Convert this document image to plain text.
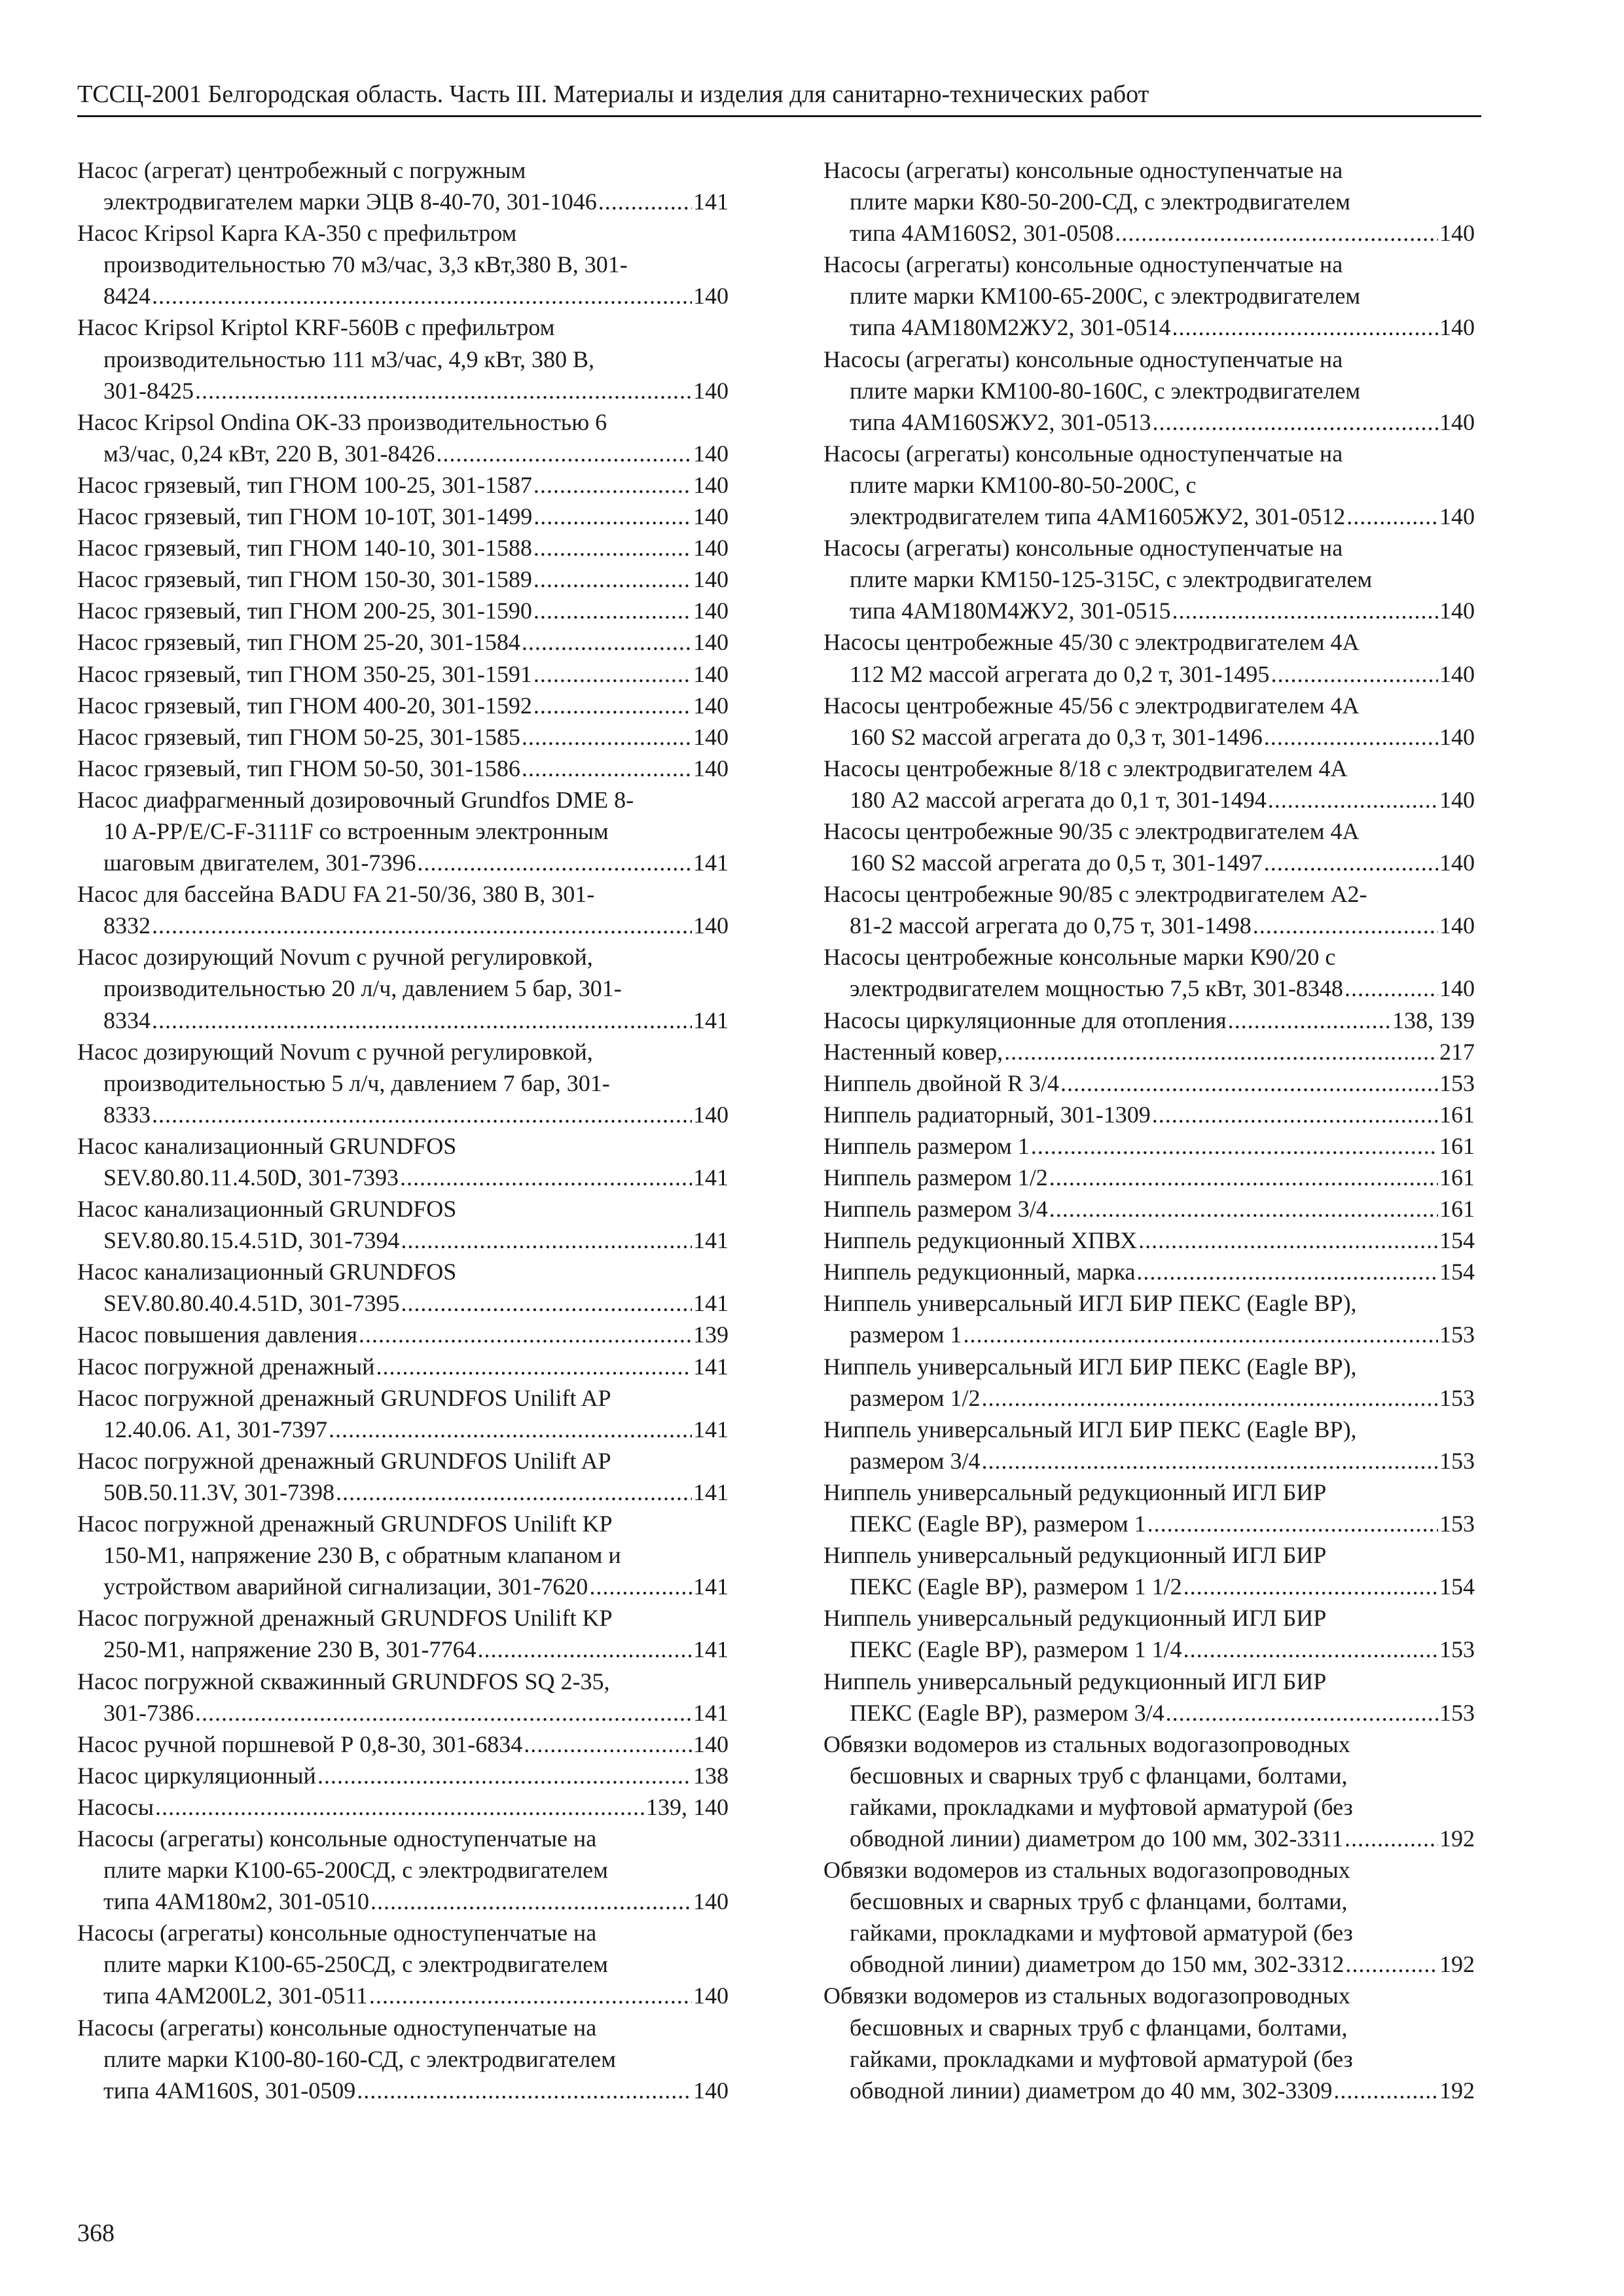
ТССЦ-2001 Белгородская область. Часть III. Материалы и изделия для санитарно-технических работ
Насос (агрегат) центробежный с погружным
электродвигателем марки ЭЦВ 8-40-70, 301-1046 . . .	141
Насос Kripsol Kapra KA-350 с префильтром
производительностью 70 м3/час, 3,3 кВт,380 В, 301-
8424 . . .	140
Насос Kripsol Kriptol KRF-560B с префильтром
производительностью 111 м3/час, 4,9 кВт, 380 В,
301-8425 . . .	140
Насос Kripsol Ondina OK-33 производительностью 6
м3/час, 0,24 кВт, 220 В, 301-8426 . . .	140
Насос грязевый, тип ГНОМ 100-25, 301-1587 . . .	140
Насос грязевый, тип ГНОМ 10-10Т, 301-1499 . . .	140
Насос грязевый, тип ГНОМ 140-10, 301-1588 . . .	140
Насос грязевый, тип ГНОМ 150-30, 301-1589 . . .	140
Насос грязевый, тип ГНОМ 200-25, 301-1590 . . .	140
Насос грязевый, тип ГНОМ 25-20, 301-1584 . . .	140
Насос грязевый, тип ГНОМ 350-25, 301-1591 . . .	140
Насос грязевый, тип ГНОМ 400-20, 301-1592 . . .	140
Насос грязевый, тип ГНОМ 50-25, 301-1585 . . .	140
Насос грязевый, тип ГНОМ 50-50, 301-1586 . . .	140
Насос диафрагменный дозировочный Grundfos DME 8-
10 A-PP/E/C-F-3111F со встроенным электронным
шаговым двигателем, 301-7396 . . .	141
Насос для бассейна BADU FA 21-50/36, 380 В, 301-
8332 . . .	140
Насос дозирующий Novum с ручной регулировкой,
производительностью 20 л/ч, давлением 5 бар, 301-
8334 . . .	141
Насос дозирующий Novum с ручной регулировкой,
производительностью 5 л/ч, давлением 7 бар, 301-
8333 . . .	140
Насос канализационный GRUNDFOS
SEV.80.80.11.4.50D, 301-7393 . . .	141
Насос канализационный GRUNDFOS
SEV.80.80.15.4.51D, 301-7394 . . .	141
Насос канализационный GRUNDFOS
SEV.80.80.40.4.51D, 301-7395 . . .	141
Насос повышения давления . . .	139
Насос погружной дренажный . . .	141
Насос погружной дренажный GRUNDFOS Unilift AP
12.40.06. A1, 301-7397 . . .	141
Насос погружной дренажный GRUNDFOS Unilift AP
50B.50.11.3V, 301-7398 . . .	141
Насос погружной дренажный GRUNDFOS Unilift KP
150-M1, напряжение 230 В, с обратным клапаном и
устройством аварийной сигнализации, 301-7620 . . .	141
Насос погружной дренажный GRUNDFOS Unilift KP
250-M1, напряжение 230 В, 301-7764 . . .	141
Насос погружной скважинный GRUNDFOS SQ 2-35,
301-7386 . . .	141
Насос ручной поршневой Р 0,8-30, 301-6834 . . .	140
Насос циркуляционный . . .	138
Насосы . . .	139, 140
Насосы (агрегаты) консольные одноступенчатые на
плите марки К100-65-200СД, с электродвигателем
типа 4АМ180м2, 301-0510 . . .	140
Насосы (агрегаты) консольные одноступенчатые на
плите марки К100-65-250СД, с электродвигателем
типа 4АМ200L2, 301-0511 . . .	140
Насосы (агрегаты) консольные одноступенчатые на
плите марки К100-80-160-СД, с электродвигателем
типа 4АМ160S, 301-0509 . . .	140
Насосы (агрегаты) консольные одноступенчатые на
плите марки К80-50-200-СД, с электродвигателем
типа 4АМ160S2, 301-0508 . . .	140
Насосы (агрегаты) консольные одноступенчатые на
плите марки КМ100-65-200С, с электродвигателем
типа 4АМ180М2ЖУ2, 301-0514 . . .	140
Насосы (агрегаты) консольные одноступенчатые на
плите марки КМ100-80-160С, с электродвигателем
типа 4АМ160SЖУ2, 301-0513 . . .	140
Насосы (агрегаты) консольные одноступенчатые на
плите марки КМ100-80-50-200С, с
электродвигателем типа 4АМ1605ЖУ2, 301-0512 . . .	140
Насосы (агрегаты) консольные одноступенчатые на
плите марки КМ150-125-315С, с электродвигателем
типа 4АМ180М4ЖУ2, 301-0515 . . .	140
Насосы центробежные 45/30 с электродвигателем 4А
112 М2 массой агрегата до 0,2 т, 301-1495 . . .	140
Насосы центробежные 45/56 с электродвигателем 4А
160 S2 массой агрегата до 0,3 т, 301-1496 . . .	140
Насосы центробежные 8/18 с электродвигателем 4А
180 А2 массой агрегата до 0,1 т, 301-1494 . . .	140
Насосы центробежные 90/35 с электродвигателем 4А
160 S2 массой агрегата до 0,5 т, 301-1497 . . .	140
Насосы центробежные 90/85 с электродвигателем А2-
81-2 массой агрегата до 0,75 т, 301-1498 . . .	140
Насосы центробежные консольные марки К90/20 с
электродвигателем мощностью 7,5 кВт, 301-8348 . . .	140
Насосы циркуляционные для отопления . . .	138, 139
Настенный ковер, . . .	217
Ниппель двойной R 3/4 . . .	153
Ниппель радиаторный, 301-1309 . . .	161
Ниппель размером 1 . . .	161
Ниппель размером 1/2 . . .	161
Ниппель размером 3/4 . . .	161
Ниппель редукционный ХПВХ . . .	154
Ниппель редукционный, марка . . .	154
Ниппель универсальный ИГЛ БИР ПЕКС (Eagle BP),
размером 1 . . .	153
Ниппель универсальный ИГЛ БИР ПЕКС (Eagle BP),
размером 1/2 . . .	153
Ниппель универсальный ИГЛ БИР ПЕКС (Eagle BP),
размером 3/4 . . .	153
Ниппель универсальный редукционный ИГЛ БИР
ПЕКС (Eagle BP), размером 1 . . .	153
Ниппель универсальный редукционный ИГЛ БИР
ПЕКС (Eagle BP), размером 1 1/2 . . .	154
Ниппель универсальный редукционный ИГЛ БИР
ПЕКС (Eagle BP), размером 1 1/4 . . .	153
Ниппель универсальный редукционный ИГЛ БИР
ПЕКС (Eagle BP), размером 3/4 . . .	153
Обвязки водомеров из стальных водогазопроводных
бесшовных и сварных труб с фланцами, болтами,
гайками, прокладками и муфтовой арматурой (без
обводной линии) диаметром до 100 мм, 302-3311 . . .	192
Обвязки водомеров из стальных водогазопроводных
бесшовных и сварных труб с фланцами, болтами,
гайками, прокладками и муфтовой арматурой (без
обводной линии) диаметром до 150 мм, 302-3312 . . .	192
Обвязки водомеров из стальных водогазопроводных
бесшовных и сварных труб с фланцами, болтами,
гайками, прокладками и муфтовой арматурой (без
обводной линии) диаметром до 40 мм, 302-3309 . . .	192
368
